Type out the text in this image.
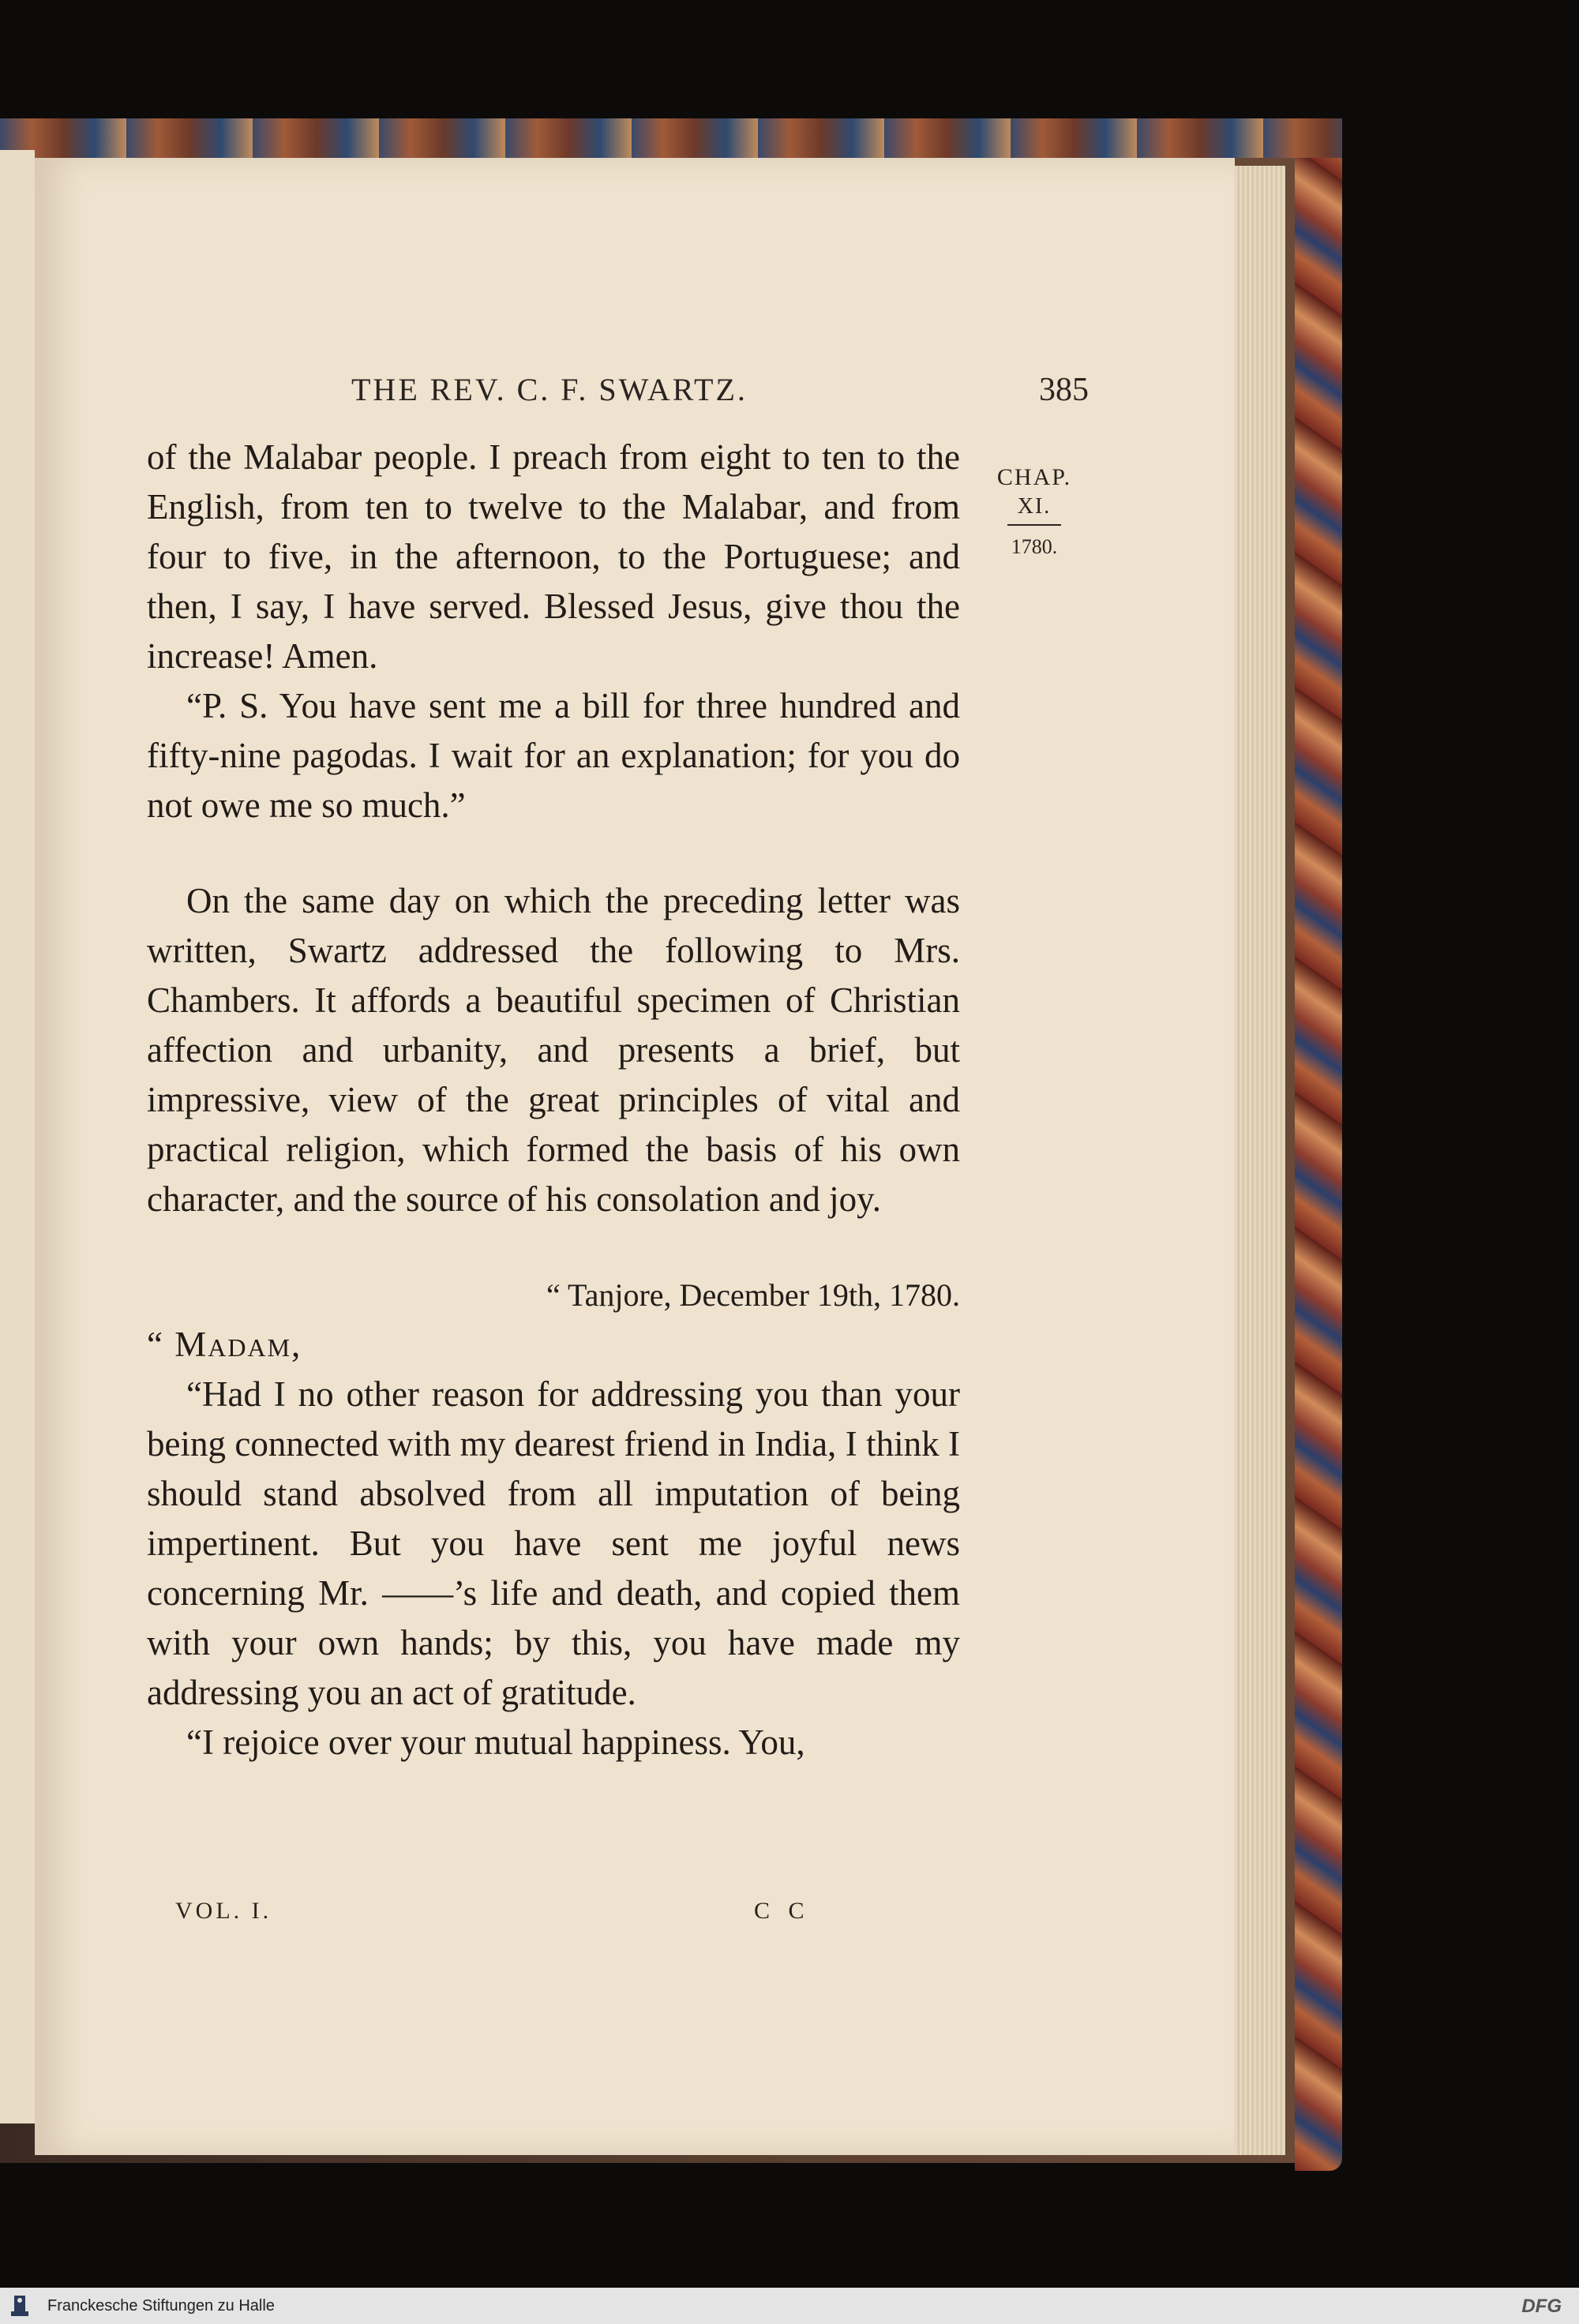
THE REV. C. F. SWARTZ.	385
CHAP.
XI.
1780.

of the Malabar people. I preach from eight to ten to the English, from ten to twelve to the Malabar, and from four to five, in the afternoon, to the Portuguese; and then, I say, I have served. Blessed Jesus, give thou the increase! Amen.

“P. S. You have sent me a bill for three hundred and fifty-nine pagodas. I wait for an explanation; for you do not owe me so much.”

On the same day on which the preceding letter was written, Swartz addressed the following to Mrs. Chambers. It affords a beautiful specimen of Christian affection and urbanity, and presents a brief, but impressive, view of the great principles of vital and practical religion, which formed the basis of his own character, and the source of his consolation and joy.

“ Tanjore, December 19th, 1780.

“ Madam,

“Had I no other reason for addressing you than your being connected with my dearest friend in India, I think I should stand absolved from all imputation of being impertinent. But you have sent me joyful news concerning Mr. ——’s life and death, and copied them with your own hands; by this, you have made my addressing you an act of gratitude.

“I rejoice over your mutual happiness. You,

VOL. I.	C C
Franckesche Stiftungen zu Halle	DFG
